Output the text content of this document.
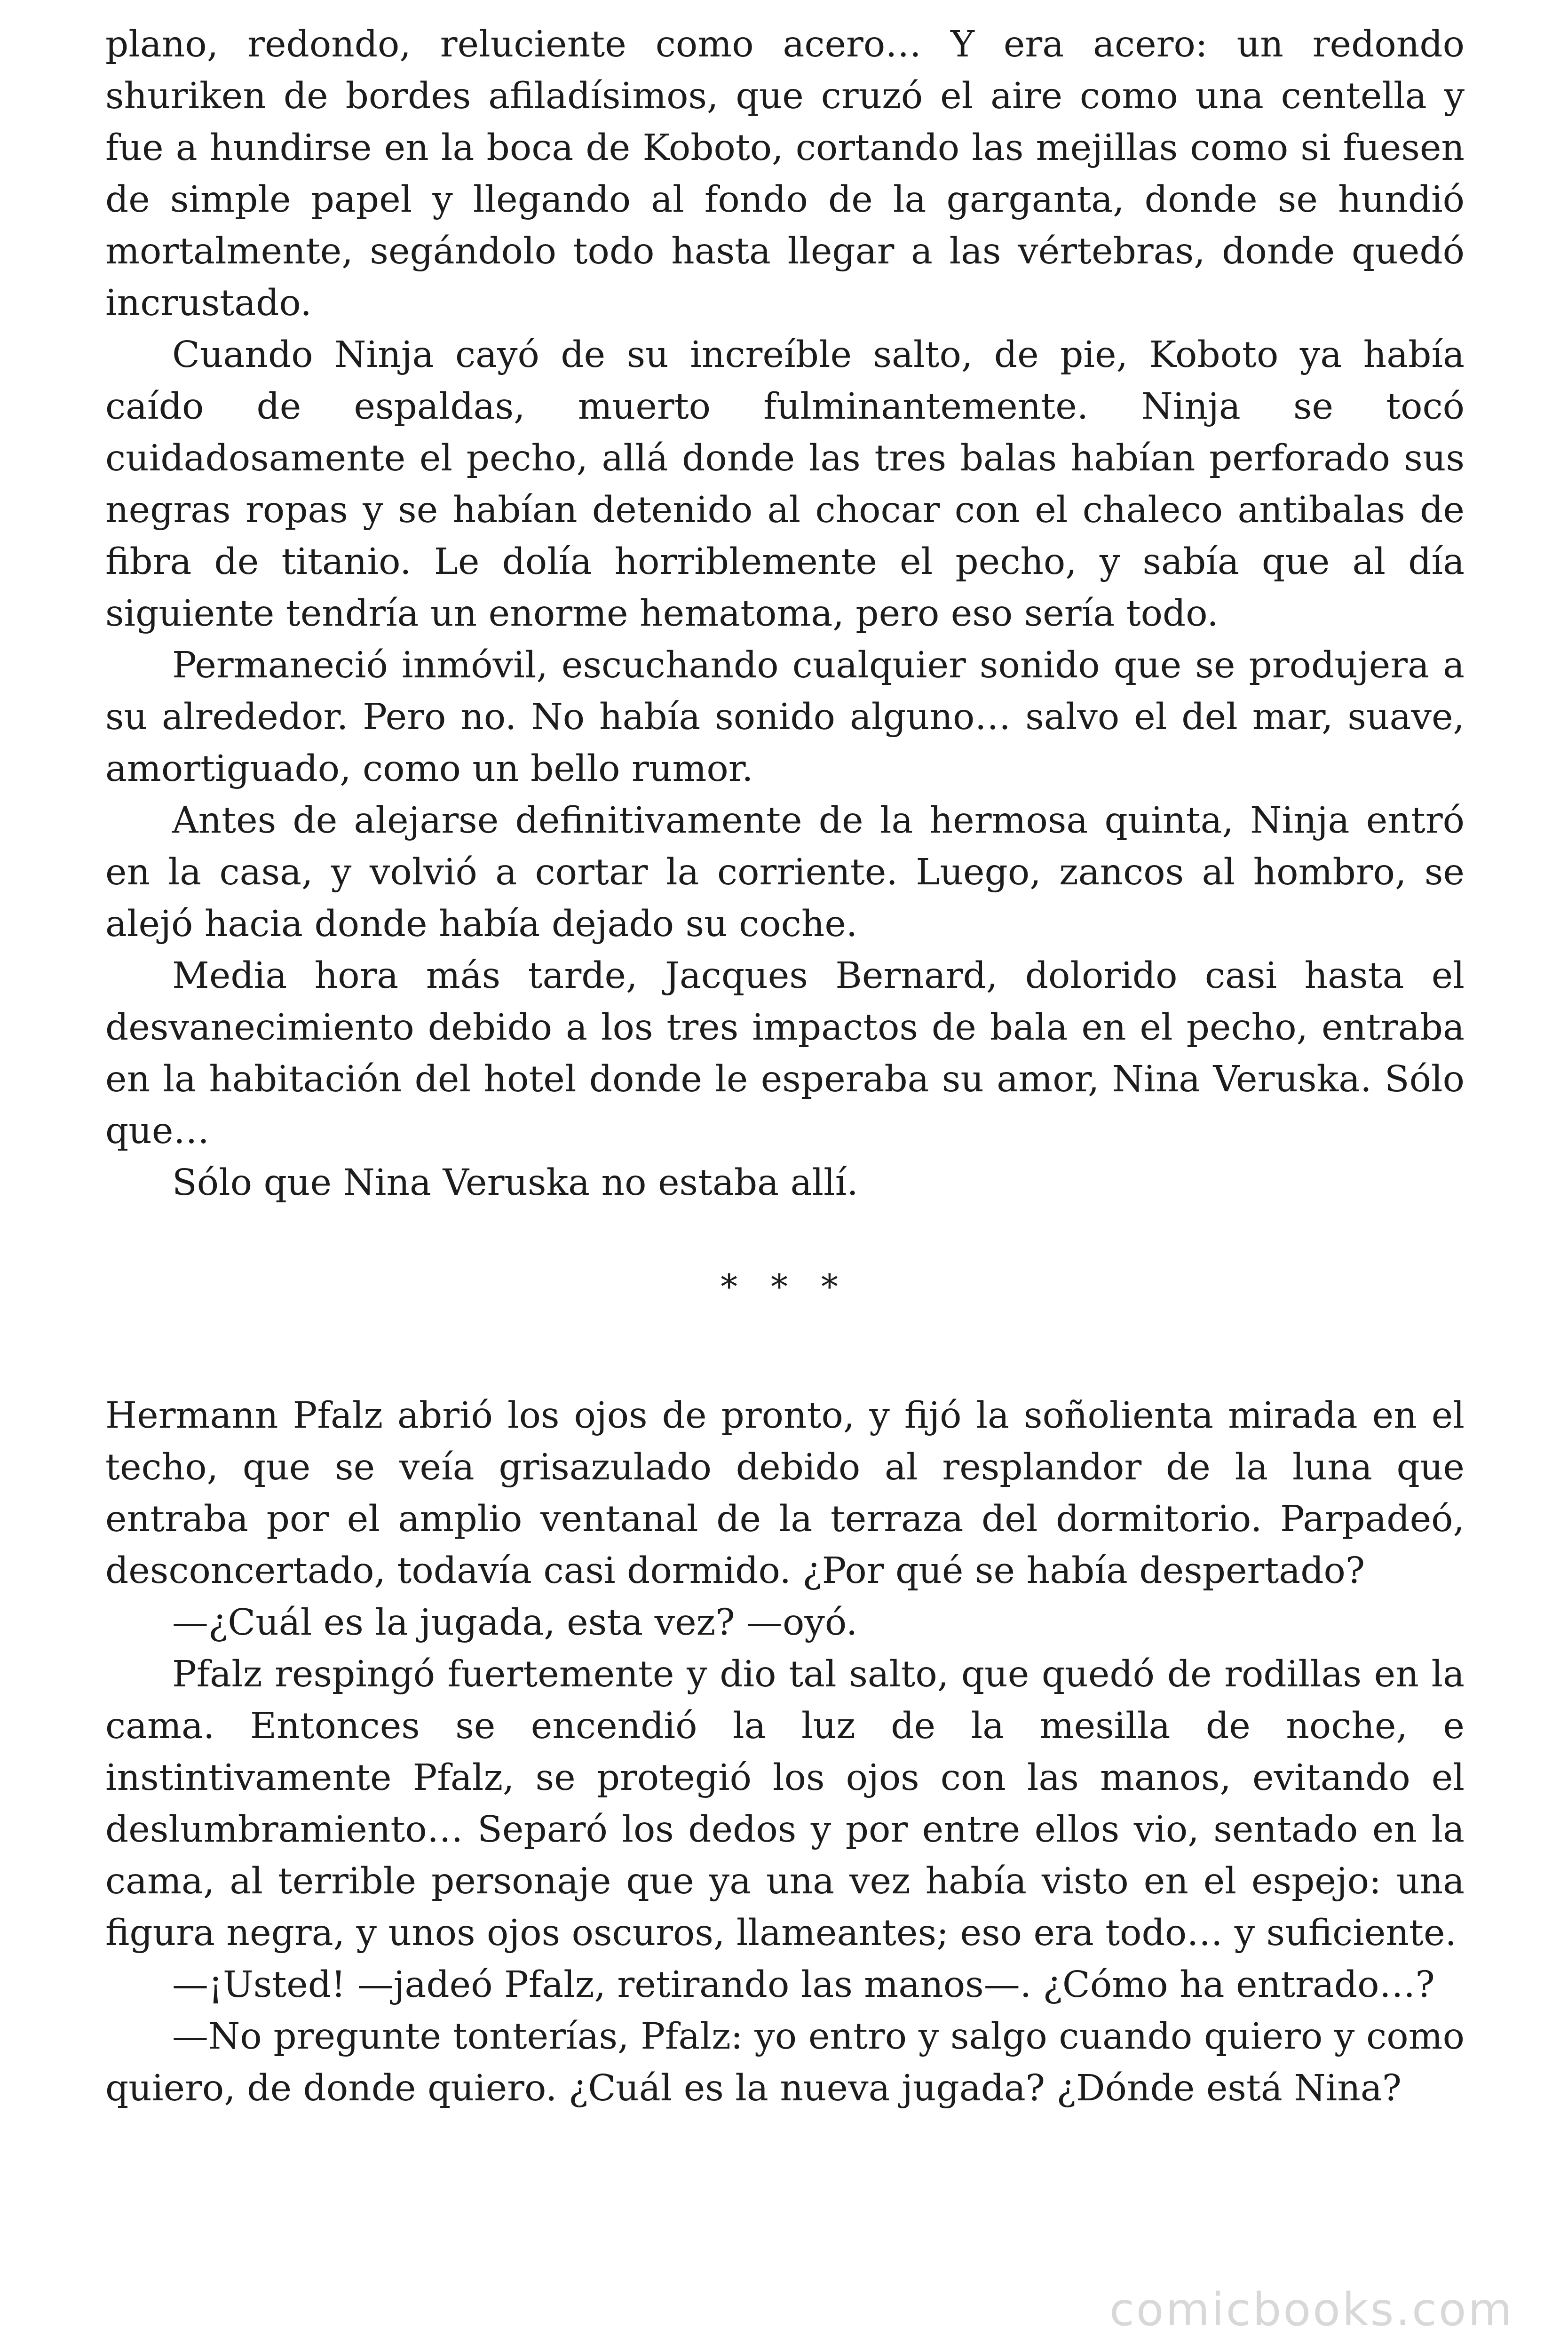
plano, redondo, reluciente como acero… Y era acero: un redondo shuriken de bordes afiladísimos, que cruzó el aire como una centella y fue a hundirse en la boca de Koboto, cortando las mejillas como si fuesen de simple papel y llegando al fondo de la garganta, donde se hundió mortalmente, segándolo todo hasta llegar a las vértebras, donde quedó incrustado.

Cuando Ninja cayó de su increíble salto, de pie, Koboto ya había caído de espaldas, muerto fulminantemente. Ninja se tocó cuidadosamente el pecho, allá donde las tres balas habían perforado sus negras ropas y se habían detenido al chocar con el chaleco antibalas de fibra de titanio. Le dolía horriblemente el pecho, y sabía que al día siguiente tendría un enorme hematoma, pero eso sería todo.

Permaneció inmóvil, escuchando cualquier sonido que se produjera a su alrededor. Pero no. No había sonido alguno… salvo el del mar, suave, amortiguado, como un bello rumor.

Antes de alejarse definitivamente de la hermosa quinta, Ninja entró en la casa, y volvió a cortar la corriente. Luego, zancos al hombro, se alejó hacia donde había dejado su coche.

Media hora más tarde, Jacques Bernard, dolorido casi hasta el desvanecimiento debido a los tres impactos de bala en el pecho, entraba en la habitación del hotel donde le esperaba su amor, Nina Veruska. Sólo que…

Sólo que Nina Veruska no estaba allí.

* * *

Hermann Pfalz abrió los ojos de pronto, y fijó la soñolienta mirada en el techo, que se veía grisazulado debido al resplandor de la luna que entraba por el amplio ventanal de la terraza del dormitorio. Parpadeó, desconcertado, todavía casi dormido. ¿Por qué se había despertado?

—¿Cuál es la jugada, esta vez? —oyó.

Pfalz respingó fuertemente y dio tal salto, que quedó de rodillas en la cama. Entonces se encendió la luz de la mesilla de noche, e instintivamente Pfalz, se protegió los ojos con las manos, evitando el deslumbramiento… Separó los dedos y por entre ellos vio, sentado en la cama, al terrible personaje que ya una vez había visto en el espejo: una figura negra, y unos ojos oscuros, llameantes; eso era todo… y suficiente.

—¡Usted! —jadeó Pfalz, retirando las manos—. ¿Cómo ha entrado…?

—No pregunte tonterías, Pfalz: yo entro y salgo cuando quiero y como quiero, de donde quiero. ¿Cuál es la nueva jugada? ¿Dónde está Nina?

comicbooks.com
